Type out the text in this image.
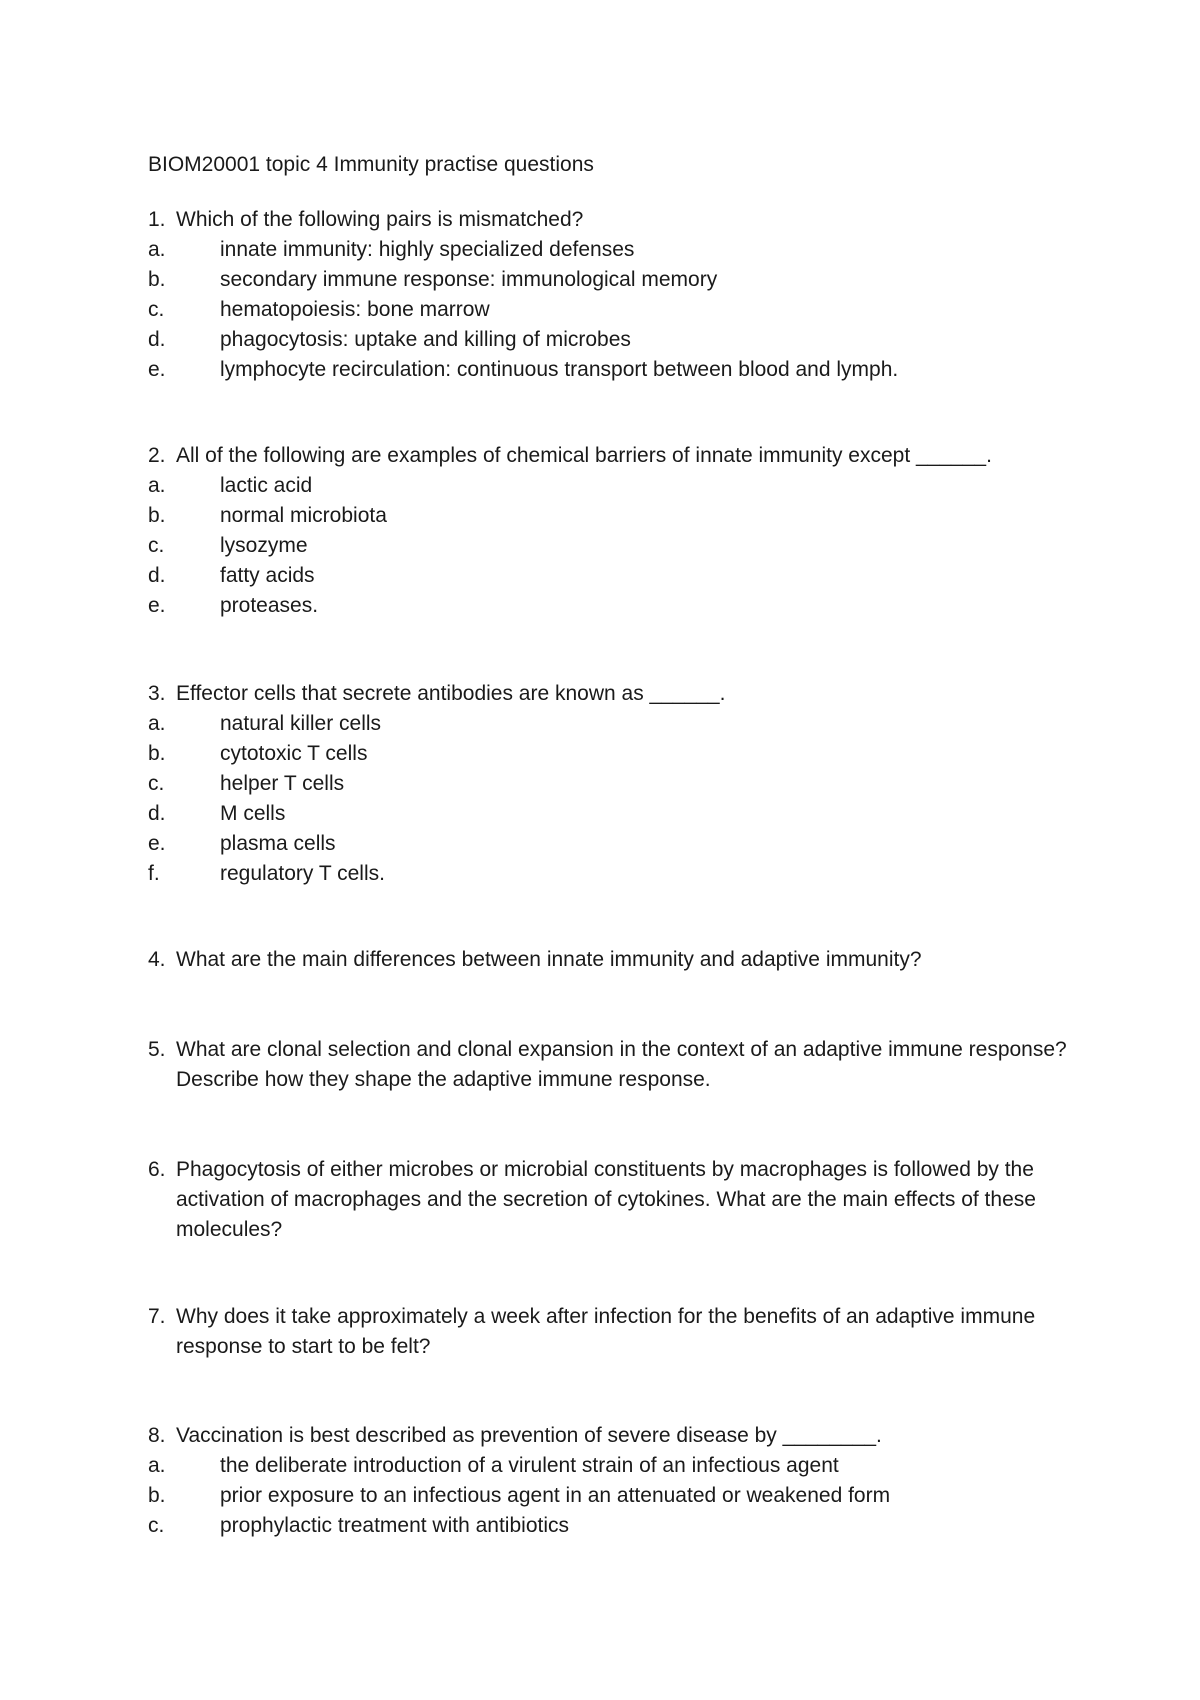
BIOM20001 topic 4 Immunity practise questions
1. Which of the following pairs is mismatched?
a.	innate immunity: highly specialized defenses
b.	secondary immune response: immunological memory
c.	hematopoiesis: bone marrow
d.	phagocytosis: uptake and killing of microbes
e.	lymphocyte recirculation: continuous transport between blood and lymph.
2. All of the following are examples of chemical barriers of innate immunity except ______.
a.	lactic acid
b.	normal microbiota
c.	lysozyme
d.	fatty acids
e.	proteases.
3. Effector cells that secrete antibodies are known as ______.
a.	natural killer cells
b.	cytotoxic T cells
c.	helper T cells
d.	M cells
e.	plasma cells
f.	regulatory T cells.
4. What are the main differences between innate immunity and adaptive immunity?
5. What are clonal selection and clonal expansion in the context of an adaptive immune response? Describe how they shape the adaptive immune response.
6. Phagocytosis of either microbes or microbial constituents by macrophages is followed by the activation of macrophages and the secretion of cytokines. What are the main effects of these molecules?
7. Why does it take approximately a week after infection for the benefits of an adaptive immune response to start to be felt?
8. Vaccination is best described as prevention of severe disease by ________.
a.	the deliberate introduction of a virulent strain of an infectious agent
b.	prior exposure to an infectious agent in an attenuated or weakened form
c.	prophylactic treatment with antibiotics
